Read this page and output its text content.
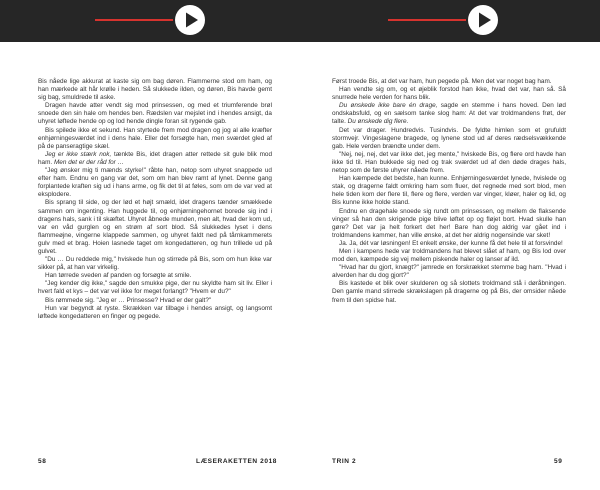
Bis nåede lige akkurat at kaste sig om bag døren. Flammerne stod om ham, og han mærkede alt hår krølle i heden. Så slukkede ilden, og døren, Bis havde gemt sig bag, smuldrede til aske.

Dragen havde atter vendt sig mod prinsessen, og med et triumferende brøl snoede den sin hale om hendes ben. Rædslen var mejslet ind i hendes ansigt, da uhyret løftede hende op og lod hende dingle foran sit rygende gab.

Bis spilede ikke et sekund. Han styrtede frem mod dragen og jog al alle kræfter enhjørningesværdet ind i dens hale. Eller det forsøgte han, men sværdet gled af på de panseragtige skæl.

Jeg er ikke stærk nok, tænkte Bis, idet dragen atter rettede sit gule blik mod ham. Men det er der råd for …

"Jeg ønsker mig ti mænds styrke!" råbte han, netop som uhyret snappede ud efter ham. Endnu en gang var det, som om han blev ramt af lynet. Denne gang forplantede kraften sig ud i hans arme, og fik det til at føles, som om de var ved at eksplodere.

Bis sprang til side, og der lød et højt smæld, idet dragens tænder smækkede sammen om ingenting. Han huggede til, og enhjørningehornet borede sig ind i dragens hals, sank i til skæftet. Uhyret åbnede munden, men alt, hvad der kom ud, var en våd gurglen og en strøm af sort blod. Så slukkedes lyset i dens flammeøjne, vingerne klappede sammen, og uhyret faldt ned på tårnkammerets gulv med et brag. Hoien lasnede taget om kongedatteren, og hun trillede ud på gulvet.

"Du … Du reddede mig," hviskede hun og stirrede på Bis, som om hun ikke var sikker på, at han var virkelig.

Han tørrede sveden af panden og forsøgte at smile.

"Jeg kender dig ikke," sagde den smukke pige, der nu skyldte ham sit liv. Eller i hvert fald et kys – det var vel ikke for meget forlangt? "Hvem er du?"

Bis rømmede sig. "Jeg er … Prinsesse? Hvad er der galt?"

Hun var begyndt at ryste. Skrækken var tilbage i hendes ansigt, og langsomt løftede kongedatteren en finger og pegede.

Først troede Bis, at det var ham, hun pegede på. Men det var noget bag ham.

Han vendte sig om, og et øjeblik forstod han ikke, hvad det var, han så. Så snurrede hele verden for hans blik.

Du ønskede ikke bare én drage, sagde en stemme i hans hoved. Den lød ondskabsfuld, og en sælsom tanke slog ham: At det var troldmandens frøt, der talte. Du ønskede dig flere.

Det var drager. Hundredvis. Tusindvis. De fyldte himlen som et grufuldt stormvejr. Vingeslagene bragede, og lynene stod ud af deres rædselsvækkende gab. Hele verden brændte under dem.

"Nej, nej, nej, det var ikke det, jeg mente," hviskede Bis, og flere ord havde han ikke tid til. Han bukkede sig ned og trak sværdet ud af den døde drages hals, netop som de første uhyrer nåede frem.

Han kæmpede det bedste, han kunne. Enhjørningesværdet lynede, hvislede og stak, og dragerne faldt omkring ham som fluer, det regnede med sort blod, men hele tiden kom der flere til, flere og flere, verden var vinger, kløer, haler og lid, og Bis kunne ikke holde stand.

Endnu en dragehale snoede sig rundt om prinsessen, og mellem de flaksende vinger så han den skrigende pige blive løftet op og fløjet bort. Hvad skulle han gøre? Det var ja helt forkert det her! Bare han dog aldrig var gået ind i troldmandens kammer, han ville ønske, at det her aldrig nogensinde var sket!

Ja. Ja, dét var løsningen! Et enkelt ønske, der kunne få det hele til at forsvinde!

Men i kampens hede var troldmandens hat blevet slået af ham, og Bis lod over mod den, kæmpede sig vej mellem piskende haler og lanser af ild.

"Hvad har du gjort, knægt?" jamrede en forskrækket stemme bag ham. "Hvad i alverden har du dog gjort?"

Bis kastede et blik over skulderen og så slottets troldmand stå i døråbningen. Den gamle mand stirrede skrækslagen på dragerne og på Bis, der omsider nåede frem til den spidse hat.

58	LÆSERAKETTEN 2018	TRIN 2	59
